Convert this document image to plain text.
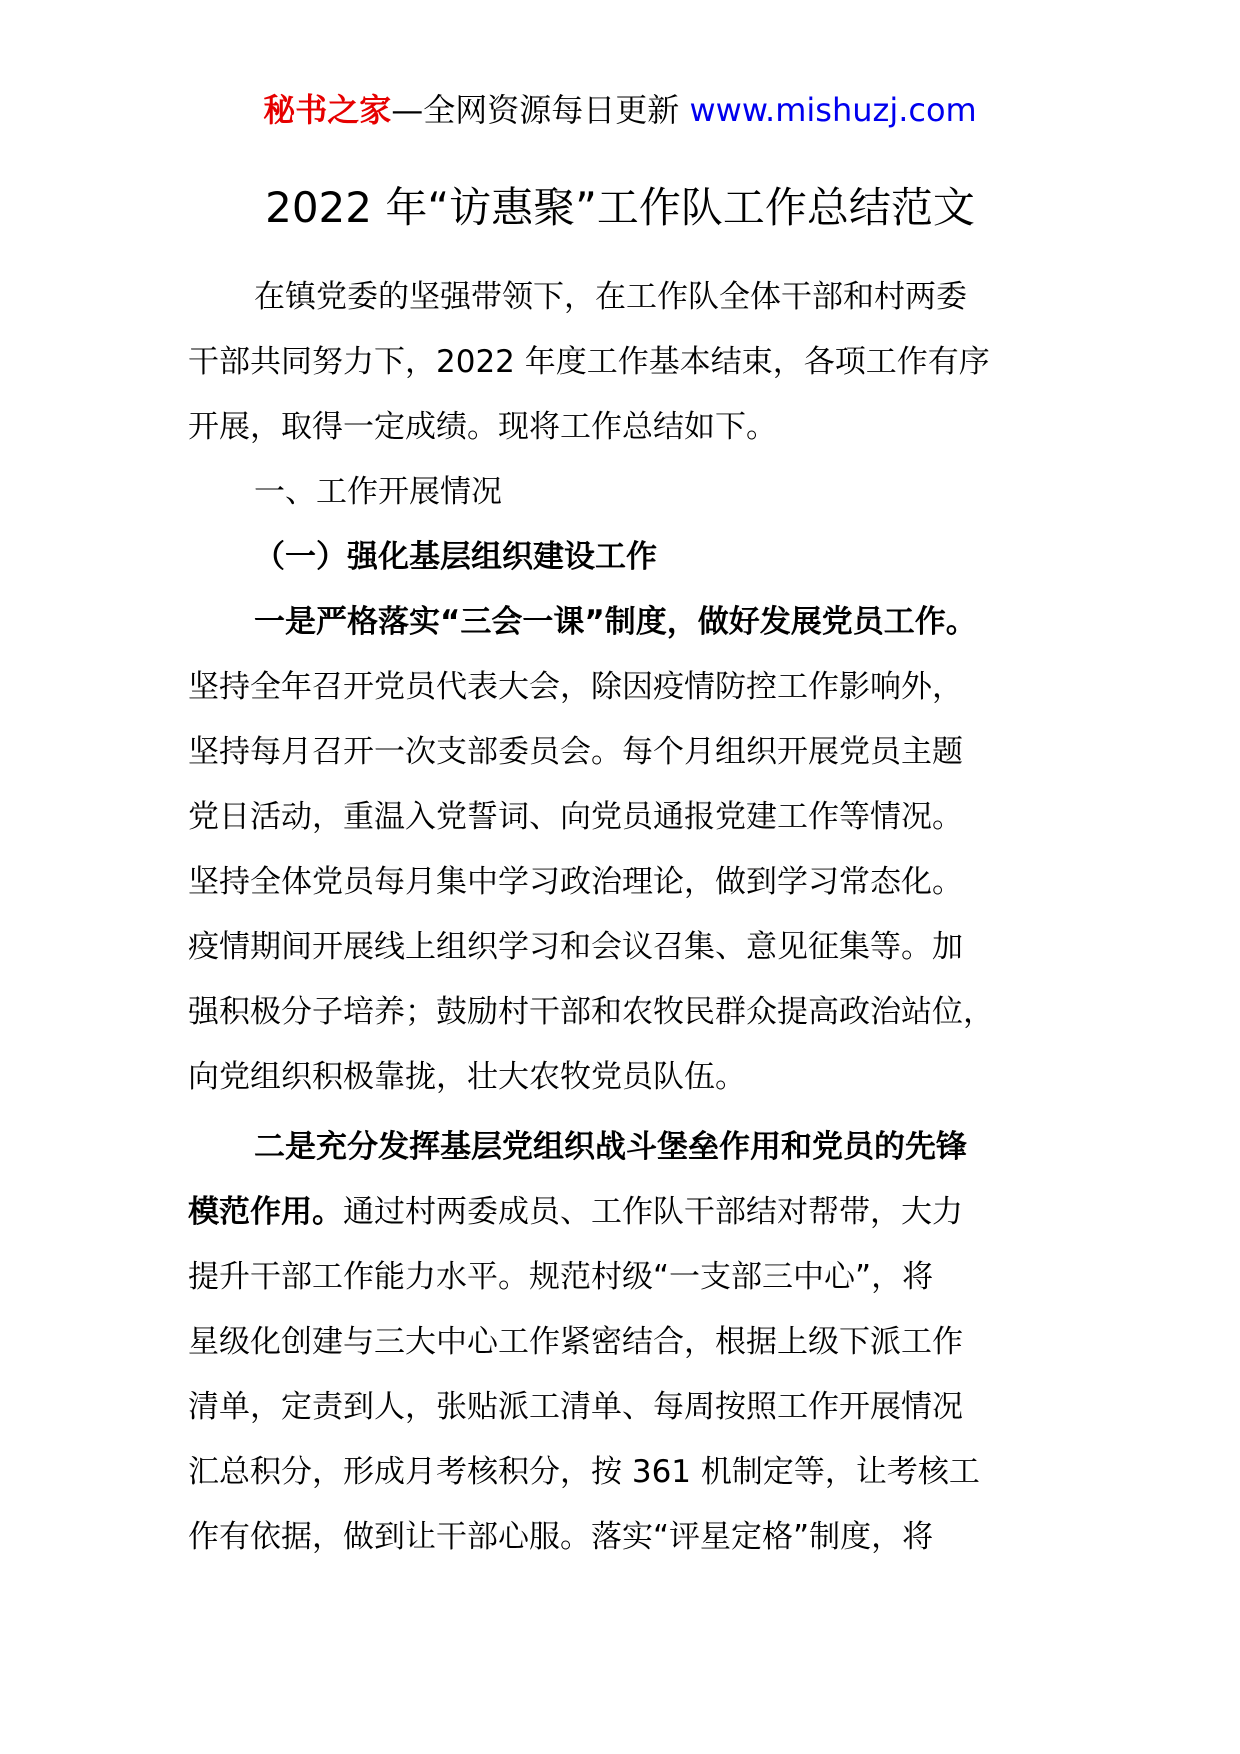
秘书之家—全网资源每日更新 www.mishuzj.com
2022 年“访惠聚”工作队工作总结范文

在镇党委的坚强带领下，在工作队全体干部和村两委

干部共同努力下，2022 年度工作基本结束，各项工作有序

开展，取得一定成绩。现将工作总结如下。

一、工作开展情况

（一）强化基层组织建设工作

一是严格落实“三会一课”制度，做好发展党员工作。

坚持全年召开党员代表大会，除因疫情防控工作影响外，

坚持每月召开一次支部委员会。每个月组织开展党员主题

党日活动，重温入党誓词、向党员通报党建工作等情况。

坚持全体党员每月集中学习政治理论，做到学习常态化。

疫情期间开展线上组织学习和会议召集、意见征集等。加

强积极分子培养；鼓励村干部和农牧民群众提高政治站位，

向党组织积极靠拢，壮大农牧党员队伍。

二是充分发挥基层党组织战斗堡垒作用和党员的先锋

模范作用。通过村两委成员、工作队干部结对帮带，大力

提升干部工作能力水平。规范村级“一支部三中心”，将

星级化创建与三大中心工作紧密结合，根据上级下派工作

清单，定责到人，张贴派工清单、每周按照工作开展情况

汇总积分，形成月考核积分，按 361 机制定等，让考核工

作有依据，做到让干部心服。落实“评星定格”制度，将
